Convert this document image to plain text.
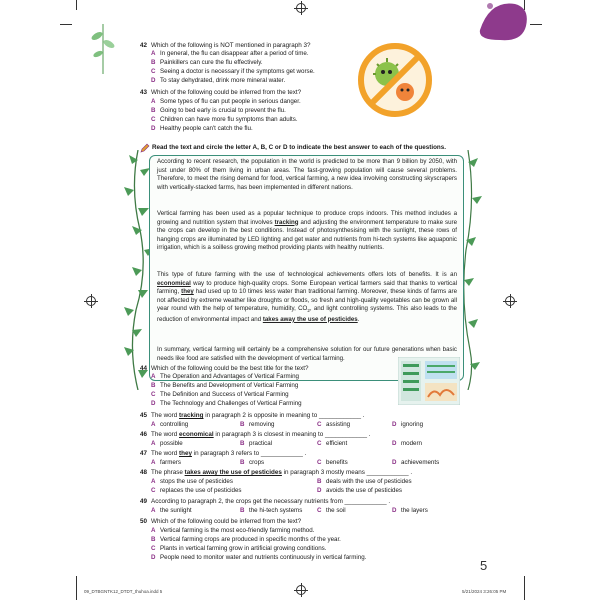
42 Which of the following is NOT mentioned in paragraph 3?
A In general, the flu can disappear after a period of time.
B Painkillers can cure the flu effectively.
C Seeing a doctor is necessary if the symptoms get worse.
D To stay dehydrated, drink more mineral water.
43 Which of the following could be inferred from the text?
A Some types of flu can put people in serious danger.
B Going to bed early is crucial to prevent the flu.
C Children can have more flu symptoms than adults.
D Healthy people can't catch the flu.
Read the text and circle the letter A, B, C or D to indicate the best answer to each of the questions.
According to recent research, the population in the world is predicted to be more than 9 billion by 2050, with just under 80% of them living in urban areas. The fast-growing population will cause several problems. Therefore, to meet the rising demand for food, vertical farming, a new idea involving constructing skyscrapers with vertically-stacked farms, has been implemented in different nations.
Vertical farming has been used as a popular technique to produce crops indoors. This method includes a growing and nutrition system that involves tracking and adjusting the environment temperature to make sure the crops can develop in the best conditions. Instead of photosynthesising with the sunlight, these rows of hanging crops are illuminated by LED lighting and get water and nutrients from hi-tech systems like aquaponic irrigation, which is a soilless growing method providing plants with healthy nutrients.
This type of future farming with the use of technological achievements offers lots of benefits. It is an economical way to produce high-quality crops. Some European vertical farmers said that thanks to vertical farming, they had used up to 10 times less water than traditional farming. Moreover, these kinds of farms are not affected by extreme weather like droughts or floods, so fresh and high-quality vegetables can be grown all year round with the help of temperature, humidity, $CO_2$, and light controlling systems. This also leads to the reduction of environmental impact and takes away the use of pesticides.
In summary, vertical farming will certainly be a comprehensive solution for our future generations when basic needs like food are satisfied with the development of vertical farming.
44 Which of the following could be the best title for the text?
A The Operation and Advantages of Vertical Farming
B The Benefits and Development of Vertical Farming
C The Definition and Success of Vertical Farming
D The Technology and Challenges of Vertical Farming
45 The word tracking in paragraph 2 is opposite in meaning to ____________ .
A controlling	B removing	C assisting	D ignoring
46 The word economical in paragraph 3 is closest in meaning to ____________ .
A possible	B practical	C efficient	D modern
47 The word they in paragraph 3 refers to ____________ .
A farmers	B crops	C benefits	D achievements
48 The phrase takes away the use of pesticides in paragraph 3 mostly means ____________ .
A stops the use of pesticides	B deals with the use of pesticides
C replaces the use of pesticides	D avoids the use of pesticides
49 According to paragraph 2, the crops get the necessary nutrients from ____________ .
A the sunlight	B the hi-tech systems C the soil	D the layers
50 Which of the following could be inferred from the text?
A Vertical farming is the most eco-friendly farming method.
B Vertical farming crops are produced in specific months of the year.
C Plants in vertical farming grow in artificial growing conditions.
D People need to monitor water and nutrients continuously in vertical farming.
5
09_DTBGNTK12_DTDT_thuhoa.indd 5	5/21/2024 3:26:05 PM
